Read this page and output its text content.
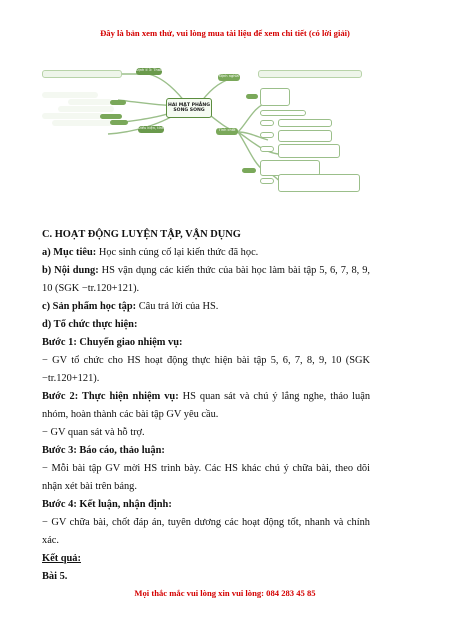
Đây là bản xem thử, vui lòng mua tài liệu để xem chi tiết (có lời giải)
HAI MẶT PHẲNG SONG SONG
Định lí 3: Thales
Định nghĩa
Điều kiện, tính chất	Tính chất

C. HOẠT ĐỘNG LUYỆN TẬP, VẬN DỤNG

a) Mục tiêu: Học sinh củng cố lại kiến thức đã học.

b) Nội dung: HS vận dụng các kiến thức của bài học làm bài tập 5, 6, 7, 8, 9, 10 (SGK −tr.120+121).

c) Sản phẩm học tập: Câu trả lời của HS.

d) Tổ chức thực hiện:

Bước 1: Chuyển giao nhiệm vụ:

− GV tổ chức cho HS hoạt động thực hiện bài tập 5, 6, 7, 8, 9, 10 (SGK −tr.120+121).

Bước 2: Thực hiện nhiệm vụ: HS quan sát và chú ý lắng nghe, thảo luận nhóm, hoàn thành các bài tập GV yêu cầu.

− GV quan sát và hỗ trợ.

Bước 3: Báo cáo, thảo luận:

− Mỗi bài tập GV mời HS trình bày. Các HS khác chú ý chữa bài, theo dõi nhận xét bài trên bảng.

Bước 4: Kết luận, nhận định:

− GV chữa bài, chốt đáp án, tuyên dương các hoạt động tốt, nhanh và chính xác.

Kết quả:

Bài 5.

Mọi thắc mắc vui lòng xin vui lòng: 084 283 45 85
